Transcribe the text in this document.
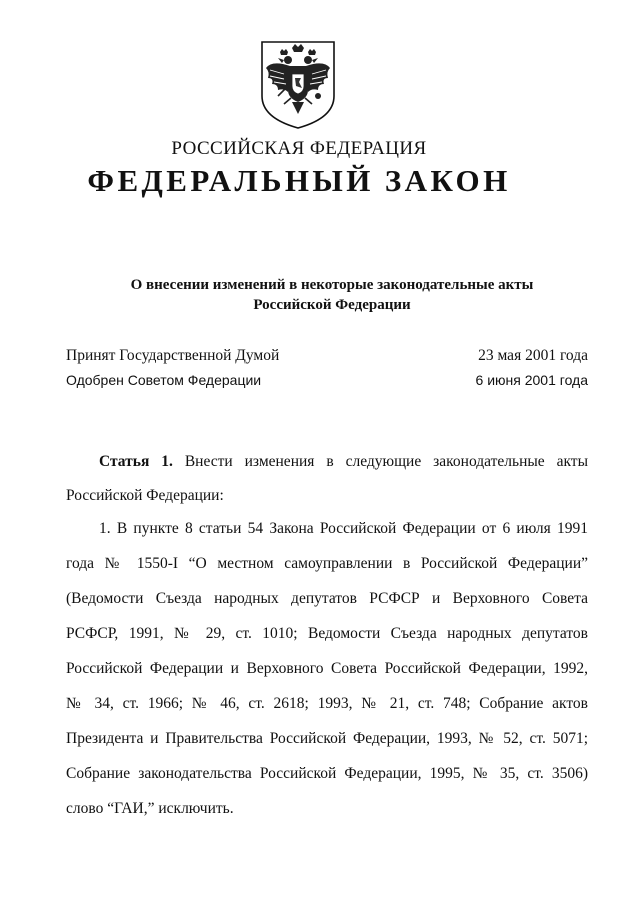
РОССИЙСКАЯ ФЕДЕРАЦИЯ
ФЕДЕРАЛЬНЫЙ ЗАКОН
О внесении изменений в некоторые законодательные акты
Российской Федерации
Принят Государственной Думой	23 мая 2001 года
Одобрен Советом Федерации	6 июня 2001 года
Статья 1. Внести изменения в следующие законодательные акты
Российской Федерации:
1. В пункте 8 статьи 54 Закона Российской Федерации от 6 июля 1991
года № 1550-I “О местном самоуправлении в Российской Федерации”
(Ведомости Съезда народных депутатов РСФСР и Верховного Совета
РСФСР, 1991, № 29, ст. 1010; Ведомости Съезда народных депутатов
Российской Федерации и Верховного Совета Российской Федерации, 1992,
№ 34, ст. 1966; № 46, ст. 2618; 1993, № 21, ст. 748; Собрание актов
Президента и Правительства Российской Федерации, 1993, № 52, ст. 5071;
Собрание законодательства Российской Федерации, 1995, № 35, ст. 3506)
слово “ГАИ,” исключить.
